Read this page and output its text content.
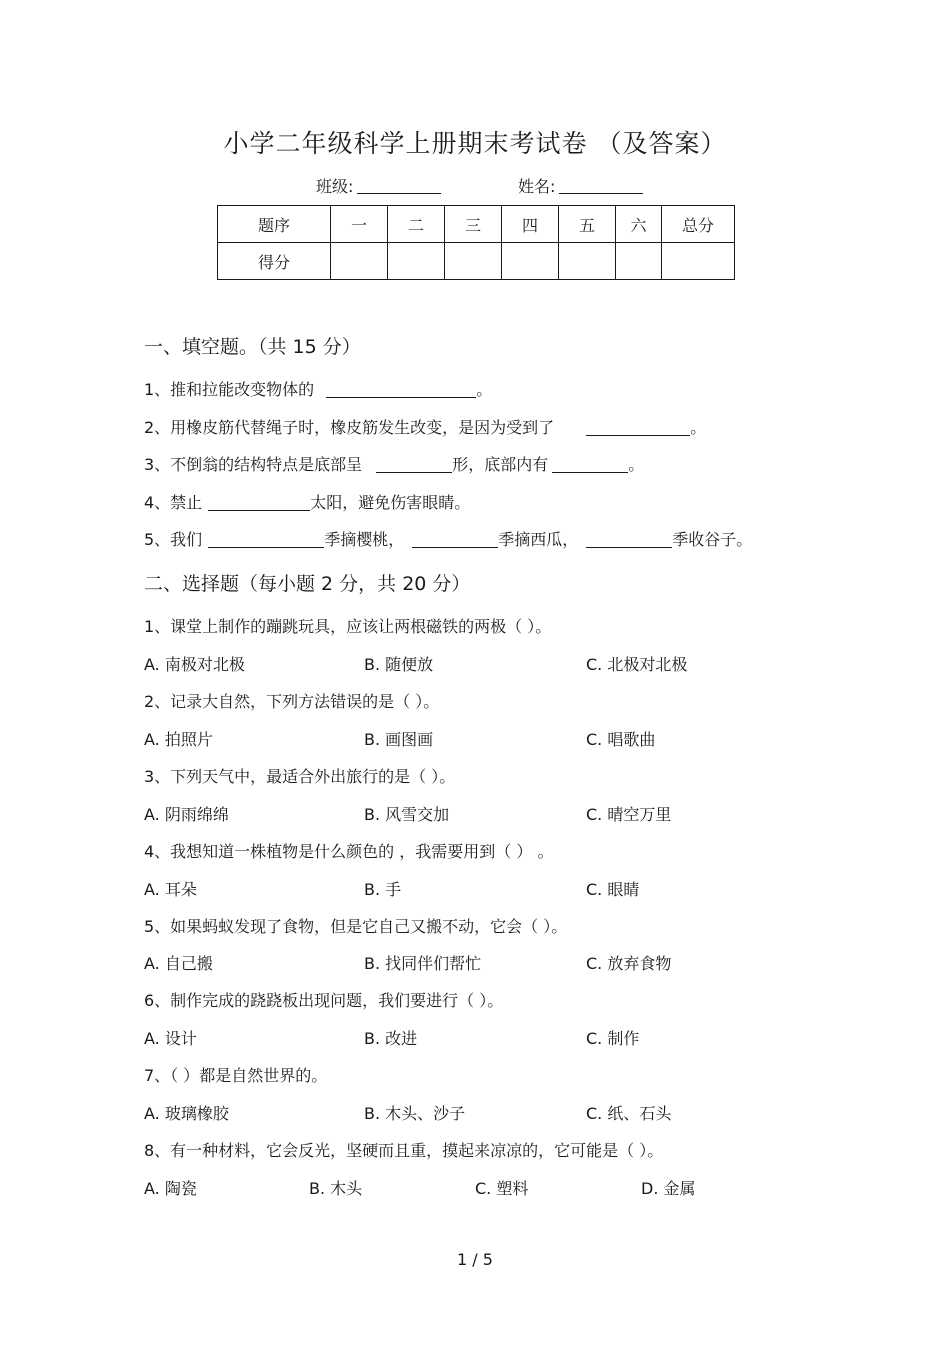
小学二年级科学上册期末考试卷 （及答案）
班级:	姓名:
题序	一	二	三	四	五	六	总分
得分							
一、填空题。（共 15 分）
1、推和拉能改变物体的	。
2、用橡皮筋代替绳子时，橡皮筋发生改变，是因为受到了	。
3、不倒翁的结构特点是底部呈	形，底部内有	。
4、禁止	太阳，避免伤害眼睛。
5、我们	季摘樱桃，	季摘西瓜，	季收谷子。
二、选择题（每小题 2 分，共 20 分）
1、课堂上制作的蹦跳玩具，应该让两根磁铁的两极（ ）。
A. 南极对北极	B. 随便放	C. 北极对北极
2、记录大自然，下列方法错误的是（ ）。
A. 拍照片	B. 画图画	C. 唱歌曲
3、下列天气中，最适合外出旅行的是（ ）。
A. 阴雨绵绵	B. 风雪交加	C. 晴空万里
4、我想知道一株植物是什么颜色的 ，我需要用到（ ） 。
A. 耳朵	B. 手	C. 眼睛
5、如果蚂蚁发现了食物，但是它自己又搬不动，它会（ ）。
A. 自己搬	B. 找同伴们帮忙	C. 放弃食物
6、制作完成的跷跷板出现问题，我们要进行（ ）。
A. 设计	B. 改进	C. 制作
7、（ ）都是自然世界的。
A. 玻璃橡胶	B. 木头、沙子	C. 纸、石头
8、有一种材料，它会反光，坚硬而且重，摸起来凉凉的，它可能是（ ）。
A. 陶瓷	B. 木头	C. 塑料	D. 金属
1 / 5
